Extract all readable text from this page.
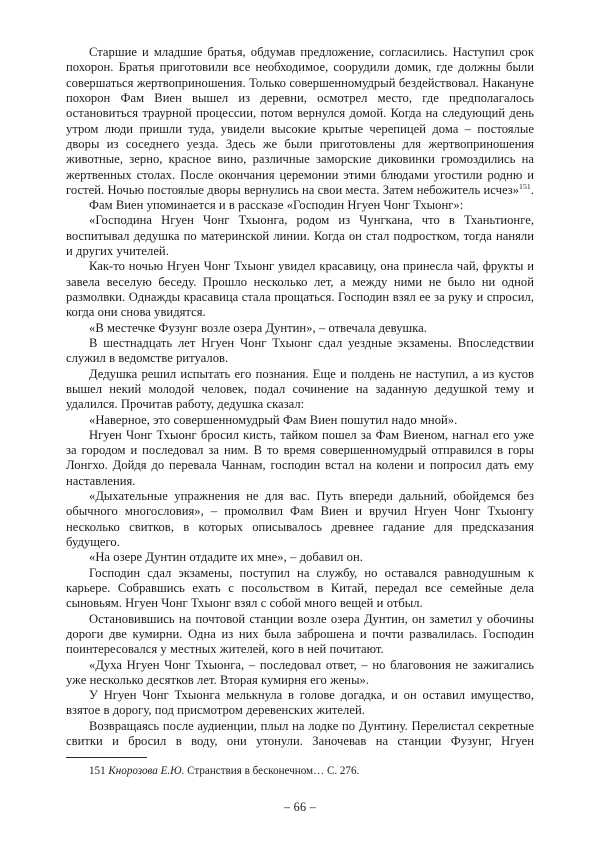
Старшие и младшие братья, обдумав предложение, согласились. Наступил срок похорон. Братья приготовили все необходимое, соорудили домик, где должны были совершаться жертвоприношения. Только совершенномудрый бездействовал. Накануне похорон Фам Виен вышел из деревни, осмотрел место, где предполагалось остановиться траурной процессии, потом вернулся домой. Когда на следующий день утром люди пришли туда, увидели высокие крытые черепицей дома – постоялые дворы из соседнего уезда. Здесь же были приготовлены для жертвоприношения животные, зерно, красное вино, различные заморские диковинки громоздились на жертвенных столах. После окончания церемонии этими блюдами угостили родню и гостей. Ночью постоялые дворы вернулись на свои места. Затем небожитель исчез»$^{151}$.

Фам Виен упоминается и в рассказе «Господин Нгуен Чонг Тхыонг»:

«Господина Нгуен Чонг Тхыонга, родом из Чунгкана, что в Тханьтионге, воспитывал дедушка по материнской линии. Когда он стал подростком, тогда наняли и других учителей.

Как-то ночью Нгуен Чонг Тхыонг увидел красавицу, она принесла чай, фрукты и завела веселую беседу. Прошло несколько лет, а между ними не было ни одной размолвки. Однажды красавица стала прощаться. Господин взял ее за руку и спросил, когда они снова увидятся.

«В местечке Фузунг возле озера Дунтин», – отвечала девушка.

В шестнадцать лет Нгуен Чонг Тхыонг сдал уездные экзамены. Впоследствии служил в ведомстве ритуалов.

Дедушка решил испытать его познания. Еще и полдень не наступил, а из кустов вышел некий молодой человек, подал сочинение на заданную дедушкой тему и удалился. Прочитав работу, дедушка сказал:

«Наверное, это совершенномудрый Фам Виен пошутил надо мной».

Нгуен Чонг Тхыонг бросил кисть, тайком пошел за Фам Виеном, нагнал его уже за городом и последовал за ним. В то время совершенномудрый отправился в горы Лонгхо. Дойдя до перевала Чаннам, господин встал на колени и попросил дать ему наставления.

«Дыхательные упражнения не для вас. Путь впереди дальний, обойдемся без обычного многословия», – промолвил Фам Виен и вручил Нгуен Чонг Тхыонгу несколько свитков, в которых описывалось древнее гадание для предсказания будущего.

«На озере Дунтин отдадите их мне», – добавил он.

Господин сдал экзамены, поступил на службу, но оставался равнодушным к карьере. Собравшись ехать с посольством в Китай, передал все семейные дела сыновьям. Нгуен Чонг Тхыонг взял с собой много вещей и отбыл.

Остановившись на почтовой станции возле озера Дунтин, он заметил у обочины дороги две кумирни. Одна из них была заброшена и почти развалилась. Господин поинтересовался у местных жителей, кого в ней почитают.

«Духа Нгуен Чонг Тхыонга, – последовал ответ, – но благовония не зажигались уже несколько десятков лет. Вторая кумирня его жены».

У Нгуен Чонг Тхыонга мелькнула в голове догадка, и он оставил имущество, взятое в дорогу, под присмотром деревенских жителей.

Возвращаясь после аудиенции, плыл на лодке по Дунтину. Перелистал секретные свитки и бросил в воду, они утонули. Заночевав на станции Фузунг, Нгуен

151 Кнорозова Е.Ю. Странствия в бесконечном… С. 276.

– 66 –
